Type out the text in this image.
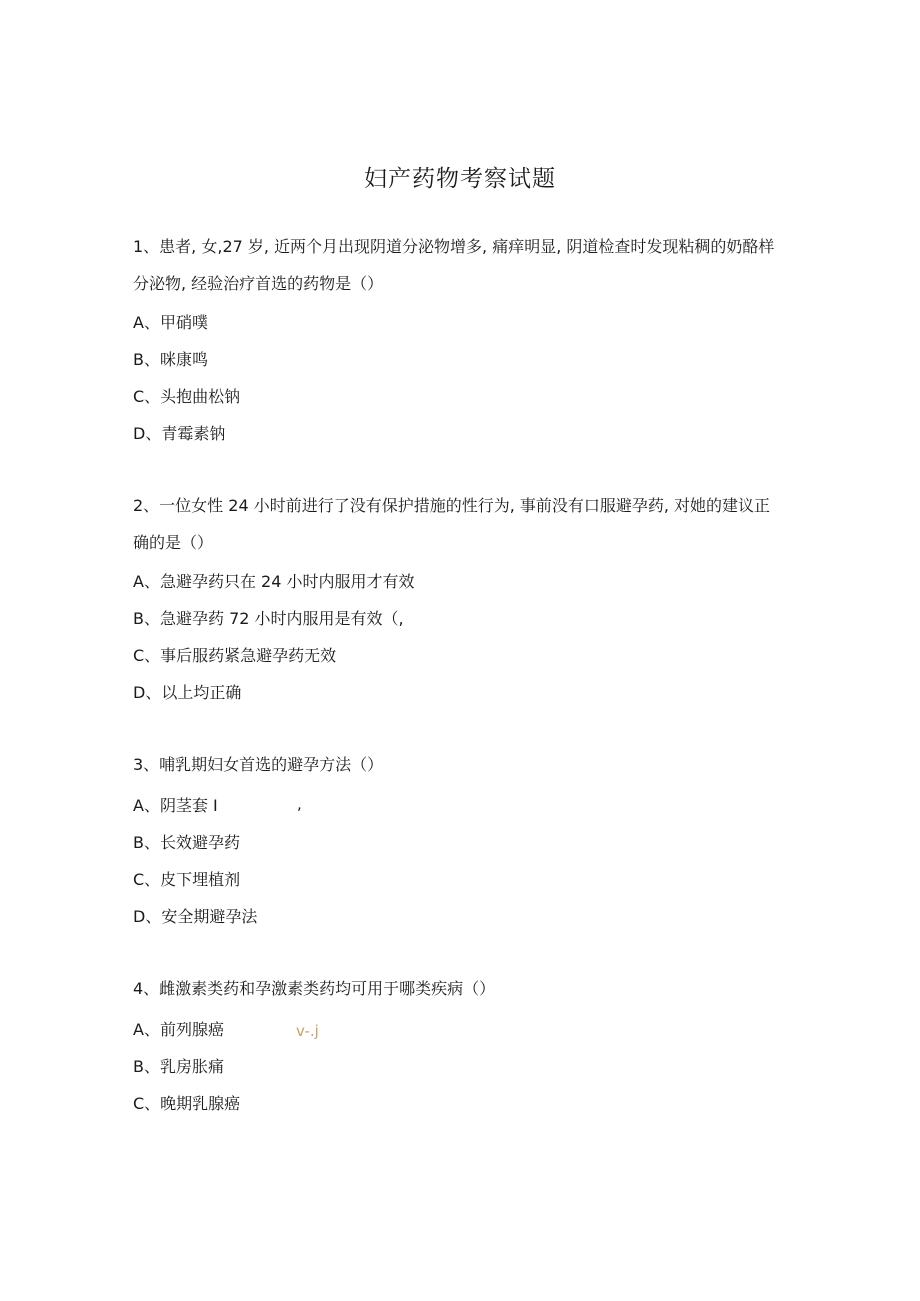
妇产药物考察试题
1、患者, 女,27 岁, 近两个月出现阴道分泌物增多, 痛痒明显, 阴道检查时发现粘稠的奶酪样分泌物, 经验治疗首选的药物是（）
A、甲硝噗
B、咪康鸣
C、头抱曲松钠
D、青霉素钠
2、一位女性 24 小时前进行了没有保护措施的性行为, 事前没有口服避孕药, 对她的建议正确的是（）
A、急避孕药只在 24 小时内服用才有效
B、急避孕药 72 小时内服用是有效（,
C、事后服药紧急避孕药无效
D、以上均正确
3、哺乳期妇女首选的避孕方法（）
A、阴茎套 I	,
B、长效避孕药
C、皮下埋植剂
D、安全期避孕法
4、雌激素类药和孕激素类药均可用于哪类疾病（）
A、前列腺癌	v-.j
B、乳房胀痛
C、晚期乳腺癌
